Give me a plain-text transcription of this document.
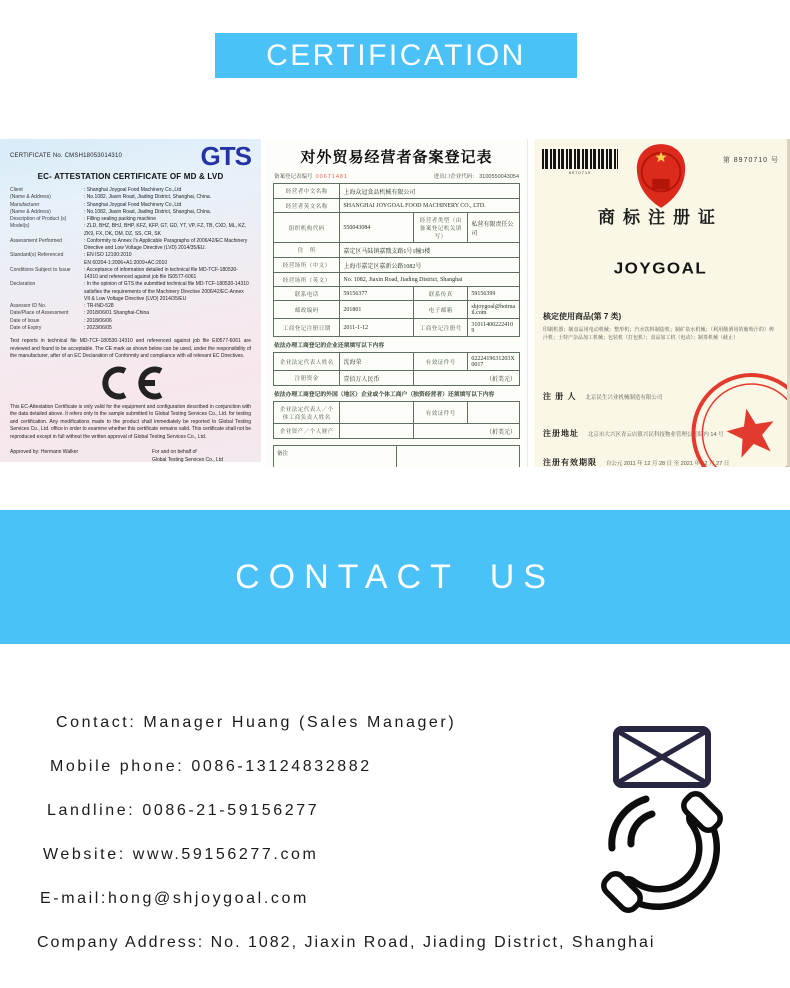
CERTIFICATION
CERTIFICATE No. CMSH18053014310	GTS
EC- ATTESTATION CERTIFICATE OF MD & LVD
Client	: Shanghai Joygoal Food Machinery Co.,Ltd
(Name & Address)	: No.1082, Jiaxin Road, Jiading District, Shanghai, China.
Manufacturer	: Shanghai Joygoal Food Machinery Co.,Ltd
(Name & Address)	: No.1082, Jiaxin Road, Jiading District, Shanghai, China.
Description of Product (s)	: Filling sealing packing machine
Model(s)	: ZLD, BHZ, BHJ, BHP, KFZ, KFP, GT, GD, YT, VP, FZ, TB, CXD, ML, KZ, ZK9, FX, DK, DM, DZ, SS, CR, SK
Assessment Performed	: Conformity to Annex I's Applicable Paragraphs of 2006/42/EC Machinery Directive and Low Voltage Directive (LVD) 2014/35/EU.
Standard(s) Referenced	: EN ISO 12100:2010
EN 60204-1:2006+A1:2009+AC:2010
Conditions Subject to Issue	: Acceptance of information detailed in technical file MD-TCF-180530-14310 and referenced against job file IS0577-6061
Declaration	: In the opinion of GTS the submitted technical file MD-TCF-180530-14310 satisfies the requirements of the Machinery Directive 2006/42/EC-Annex VII & Low Voltage Directive (LVD) 2014/35/EU
Assessor ID No.	: TR-IND-528
Date/Place of Assessment	: 2018/06/01 Shanghai-China
Date of Issue	: 2018/06/06
Date of Expiry	: 2023/06/05
Test reports in technical file MD-TCF-180530-14310 and referenced against job file EI0577-6061 are reviewed and found to be acceptable. The CE mark as shown below can be used, under the responsibility of the manufacturer, after of an EC Declaration of Conformity and compliance with all relevant EC Directives.
This EC-Attestation Certificate is only valid for the equipment and configuration described in conjunction with the data detailed above. It refers only to the sample submitted to Global Testing Services Co., Ltd. for testing and certification. Any modifications made to the product shall immediately be reported to Global Testing Services Co., Ltd. office in order to examine whether this certificate remains valid. This certificate shall not be reproduced except in full without the written approval of Global Testing Services Co., Ltd.
Approved by: Hermann Walker	For and on behalf of
Global Testing Services Co., Ltd
对外贸易经营者备案登记表
备案登记表编号 00671481	进出口企业代码： 3100550043054
经营者中文名称	上海众冠食品机械有限公司		
经营者英文名称	SHANGHAI JOYGOAL FOOD MACHINERY CO., LTD.		
组织机构代码	550043084	经营者类型（由备案登记机关填写）	私营有限责任公司
住　所	嘉定区马陆镇嘉戬支路1号1幢3楼		
经营场所（中文）	上海市嘉定区嘉新公路1082号		
经营场所（英文）	No. 1082, Jiaxin Road, Jiading District, Shanghai		
联系电话	59156377	联系传真	59156399
邮政编码	201801	电子邮箱	shjoygoal@hotmail.com
工商登记注册日期	2011-1-12	工商登记注册号	310114002224109
依法办理工商登记的企业还须填写以下内容
企业法定代表人姓名	沈海荣	有效证件号	0222419631203X0017
注册资金	壹佰万人民币	（折美元）	
依法办理工商登记的外国（地区）企业或个体工商户（独资经营者）还须填写以下内容
企业法定代表人／个体工商负责人姓名		有效证件号	
企业资产／个人财产		（折美元）	
备注	
8970710
第 8970710 号
商标注册证
JOYGOAL
核定使用商品(第 7 类)
印刷机器；制食品用电动机械；整形机；汽水饮料制造机；制矿泉水机械；（利用酿酒用的葡萄汁的）榨汁机；土特产杂品加工机械；包装机（打包机）；食品加工机（电动）；制茶机械（截止）
注 册 人 北京民生兴业机械制造有限公司
注册地址 北京市大兴区青云店镇兴民科技物业管理公司院内 14 号
注册有效期限 自公元 2011 年 12 月 28 日 至 2021 年 12 月 27 日
CONTACT US
Contact: Manager Huang (Sales Manager)
Mobile phone: 0086-13124832882
Landline: 0086-21-59156277
Website: www.59156277.com
E-mail:hong@shjoygoal.com
Company Address: No. 1082, Jiaxin Road, Jiading District, Shanghai
